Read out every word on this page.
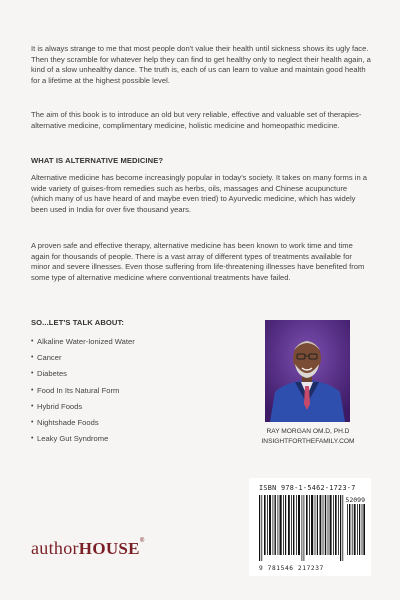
It is always strange to me that most people don't value their health until sickness shows its ugly face. Then they scramble for whatever help they can find to get healthy only to neglect their health again, a kind of a slow unhealthy dance. The truth is, each of us can learn to value and maintain good health for a lifetime at the highest possible level.

The aim of this book is to introduce an old but very reliable, effective and valuable set of therapies-alternative medicine, complimentary medicine, holistic medicine and homeopathic medicine.

WHAT IS ALTERNATIVE MEDICINE?

Alternative medicine has become increasingly popular in today's society. It takes on many forms in a wide variety of guises-from remedies such as herbs, oils, massages and Chinese acupuncture (which many of us have heard of and maybe even tried) to Ayurvedic medicine, which has widely been used in India for over five thousand years.

A proven safe and effective therapy, alternative medicine has been known to work time and time again for thousands of people. There is a vast array of different types of treatments available for minor and severe illnesses. Even those suffering from life-threatening illnesses have benefited from some type of alternative medicine where conventional treatments have failed.

SO...LET'S TALK ABOUT:

• Alkaline Water-Ionized Water
• Cancer
• Diabetes
• Food In Its Natural Form
• Hybrid Foods
• Nightshade Foods
• Leaky Gut Syndrome

RAY MORGAN OM.D, PH.D
INSIGHTFORTHEFAMILY.COM

ISBN 978-1-5462-1723-7
52099
9 781546 217237
authorHOUSE®
